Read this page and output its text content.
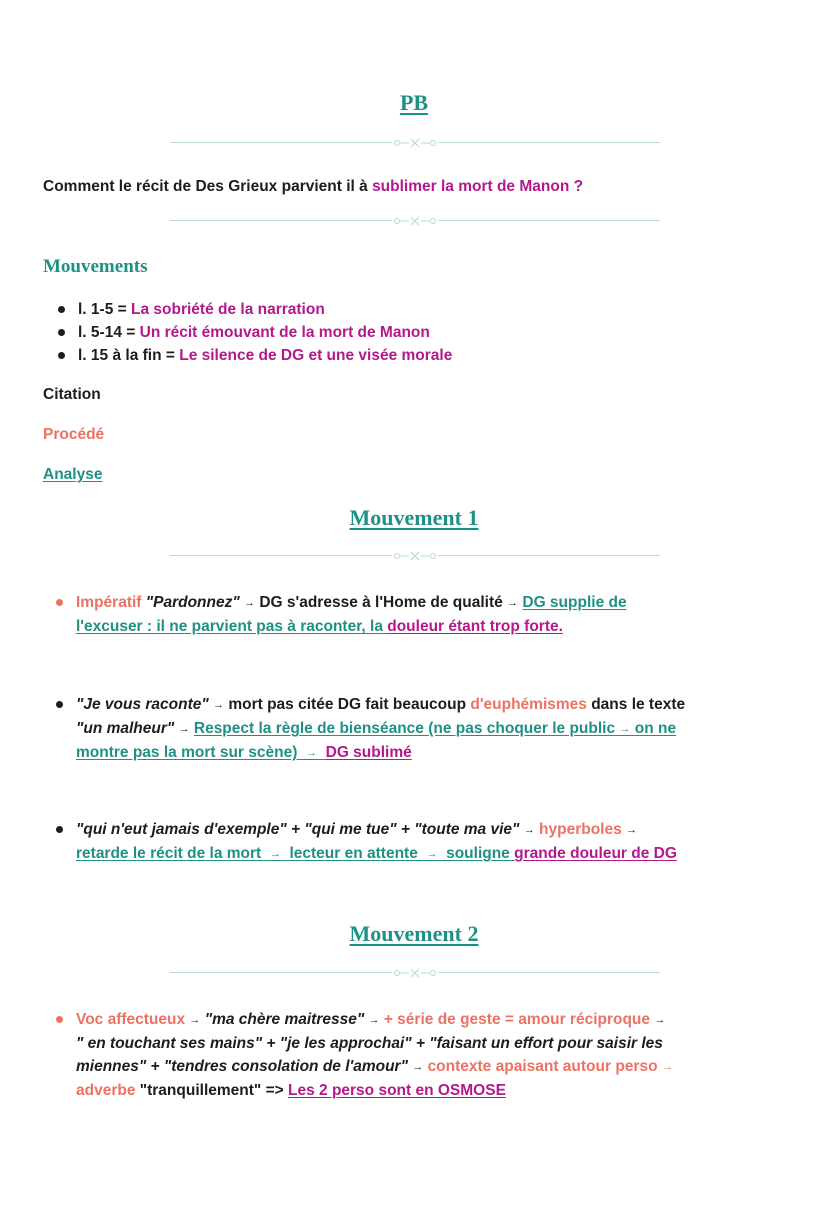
PB
Comment le récit de Des Grieux parvient il à sublimer la mort de Manon ?
Mouvements
l. 1-5 = La sobriété de la narration
l. 5-14 = Un récit émouvant de la mort de Manon
l. 15 à la fin = Le silence de DG et une visée morale
Citation
Procédé
Analyse
Mouvement 1
Impératif "Pardonnez" → DG s'adresse à l'Home de qualité → DG supplie de
l'excuser : il ne parvient pas à raconter, la douleur étant trop forte.
"Je vous raconte" → mort pas citée DG fait beaucoup d'euphémismes dans le texte
"un malheur" → Respect la règle de bienséance (ne pas choquer le public → on ne
montre pas la mort sur scène) → DG sublimé
"qui n'eut jamais d'exemple" + "qui me tue" + "toute ma vie" → hyperboles →
retarde le récit de la mort → lecteur en attente → souligne grande douleur de DG
Mouvement 2
Voc affectueux → "ma chère maitresse" → + série de geste = amour réciproque →
" en touchant ses mains" + "je les approchai" + "faisant un effort pour saisir les
miennes" + "tendres consolation de l'amour" → contexte apaisant autour perso →
adverbe "tranquillement" => Les 2 perso sont en OSMOSE
